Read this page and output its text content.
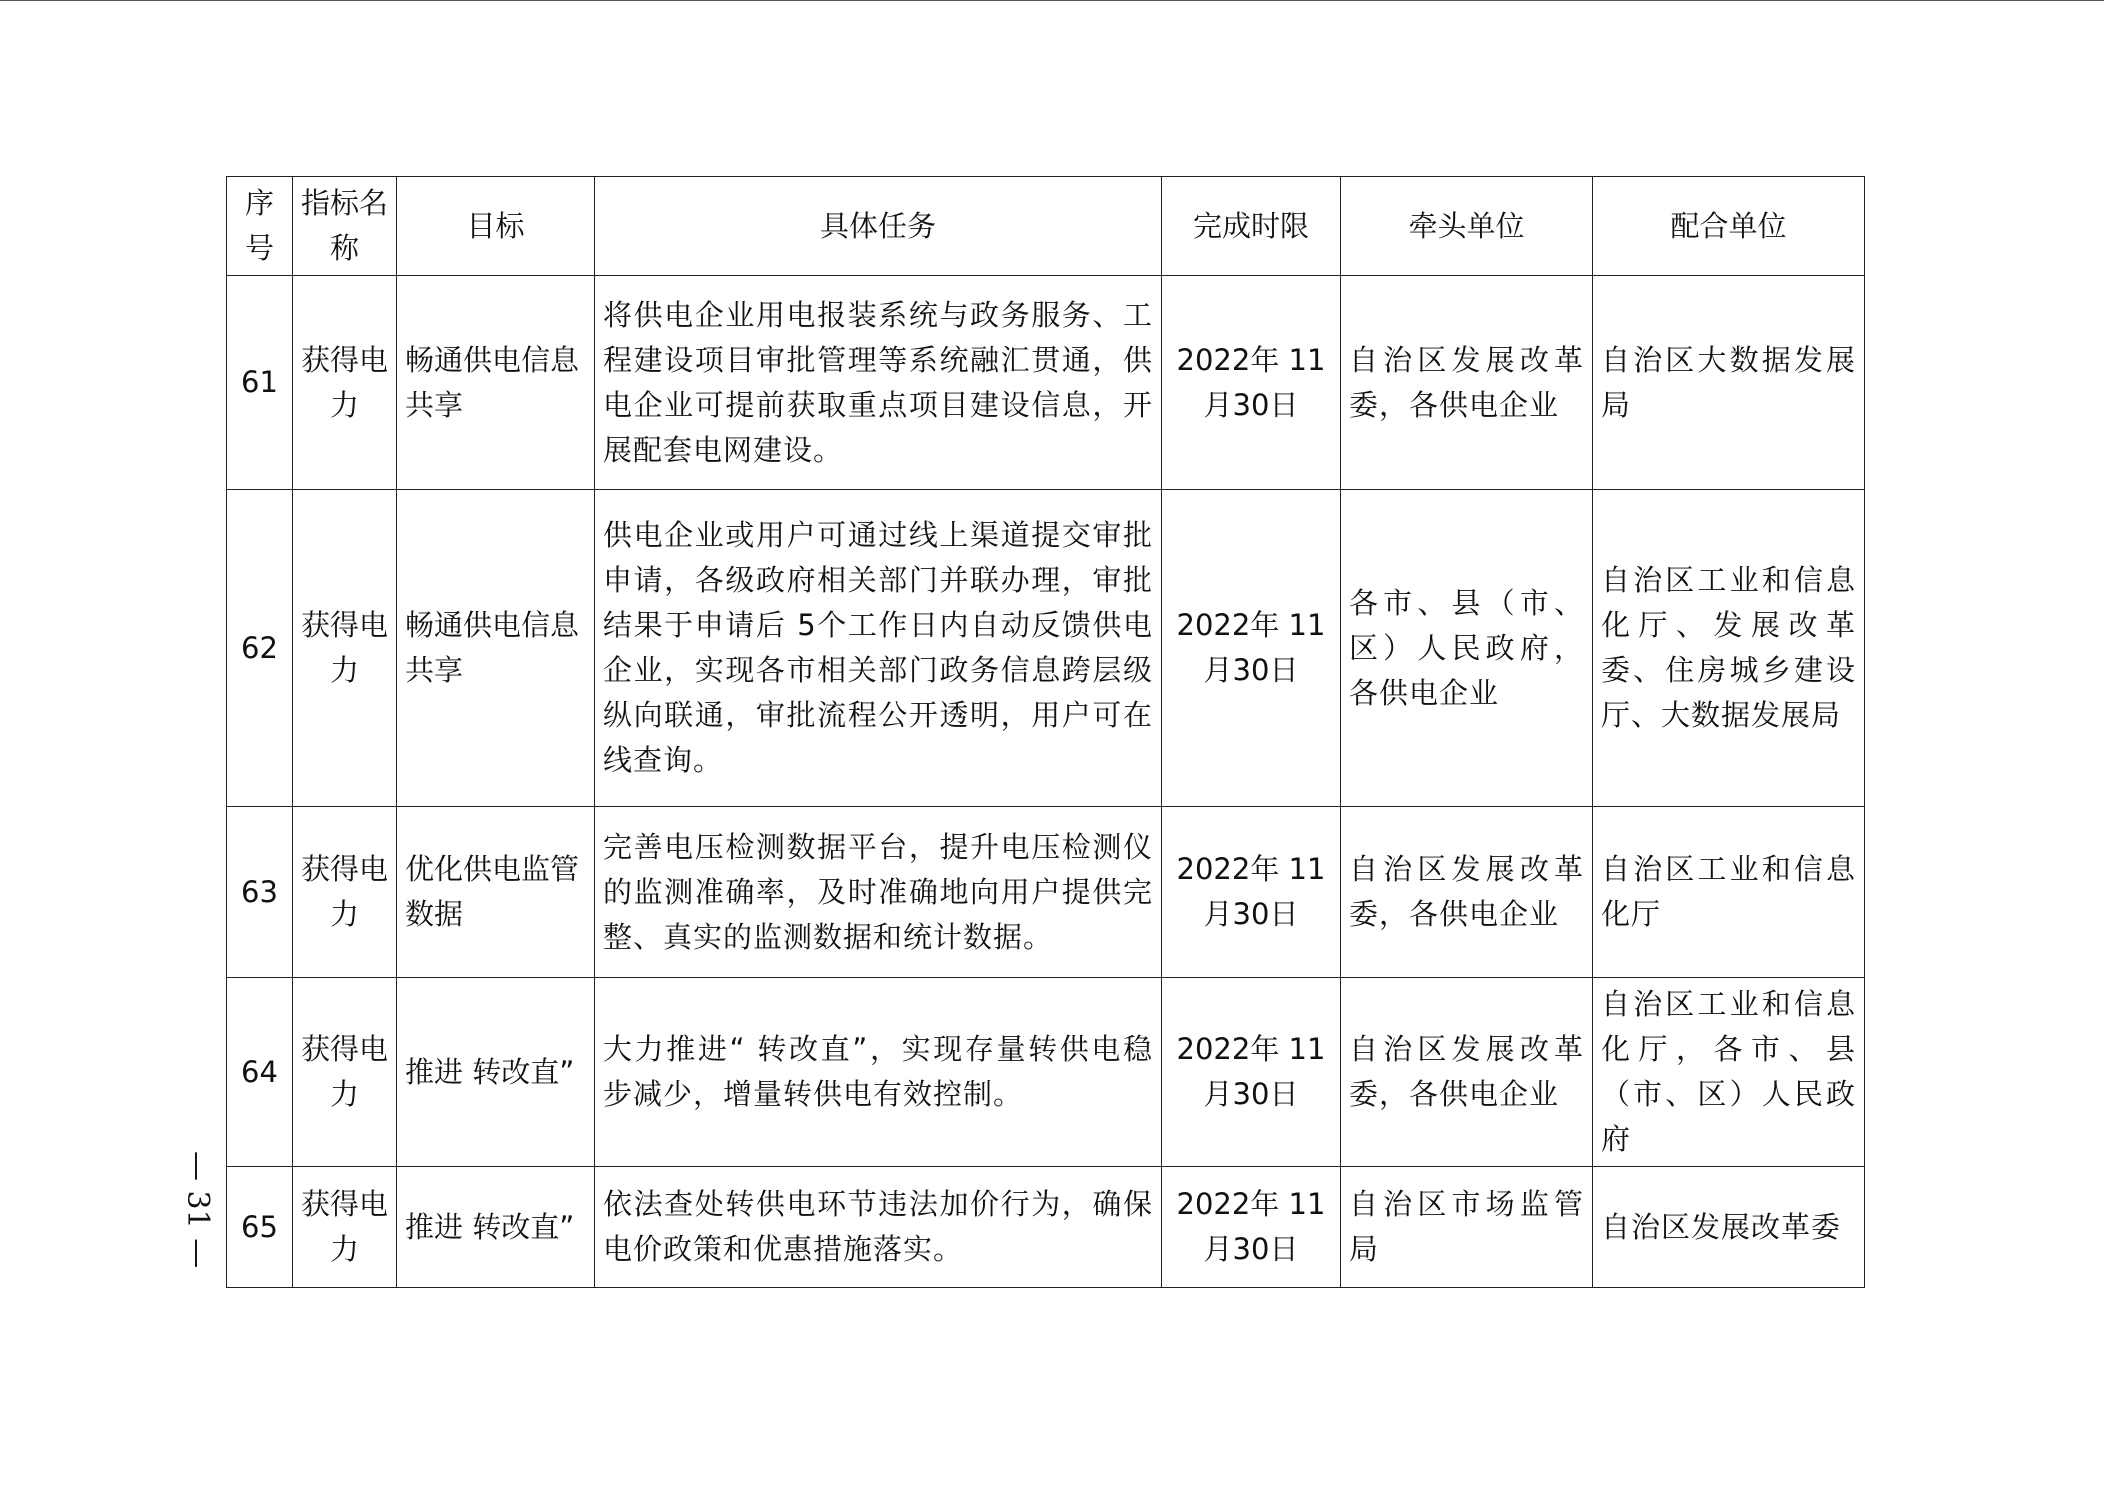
— 31 —
序号	指标名称	目标	具体任务	完成时限	牵头单位	配合单位
61	获得电力	畅通供电信息共享	将供电企业用电报装系统与政务服务、工程建设项目审批管理等系统融汇贯通，供电企业可提前获取重点项目建设信息，开展配套电网建设。	2022年 11月30日	自治区发展改革委，各供电企业	自治区大数据发展局
62	获得电力	畅通供电信息共享	供电企业或用户可通过线上渠道提交审批申请，各级政府相关部门并联办理，审批结果于申请后 5个工作日内自动反馈供电企业，实现各市相关部门政务信息跨层级纵向联通，审批流程公开透明，用户可在线查询。	2022年 11月30日	各市、县（市、区）人民政府，各供电企业	自治区工业和信息化厅、发展改革委、住房城乡建设厅、大数据发展局
63	获得电力	优化供电监管数据	完善电压检测数据平台，提升电压检测仪的监测准确率，及时准确地向用户提供完整、真实的监测数据和统计数据。	2022年 11月30日	自治区发展改革委，各供电企业	自治区工业和信息化厅
64	获得电力	推进 转改直”	大力推进“ 转改直”，实现存量转供电稳步减少，增量转供电有效控制。	2022年 11月30日	自治区发展改革委，各供电企业	自治区工业和信息化厅，各市、县（市、区）人民政府
65	获得电力	推进 转改直”	依法查处转供电环节违法加价行为，确保电价政策和优惠措施落实。	2022年 11月30日	自治区市场监管局	自治区发展改革委
